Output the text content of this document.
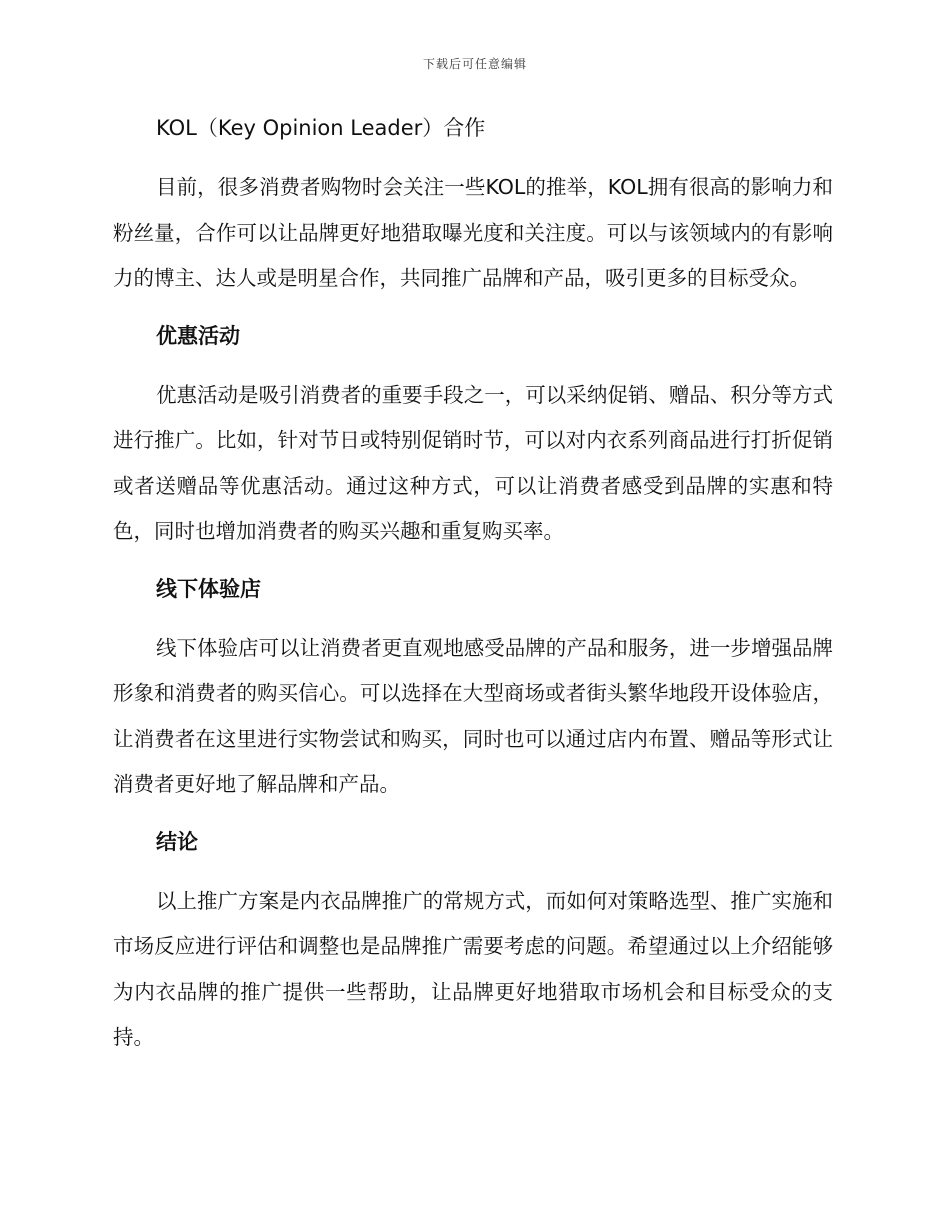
下载后可任意编辑
KOL（Key Opinion Leader）合作

目前，很多消费者购物时会关注一些KOL的推举，KOL拥有很高的影响力和粉丝量，合作可以让品牌更好地猎取曝光度和关注度。可以与该领域内的有影响力的博主、达人或是明星合作，共同推广品牌和产品，吸引更多的目标受众。

优惠活动

优惠活动是吸引消费者的重要手段之一，可以采纳促销、赠品、积分等方式进行推广。比如，针对节日或特别促销时节，可以对内衣系列商品进行打折促销或者送赠品等优惠活动。通过这种方式，可以让消费者感受到品牌的实惠和特色，同时也增加消费者的购买兴趣和重复购买率。

线下体验店

线下体验店可以让消费者更直观地感受品牌的产品和服务，进一步增强品牌形象和消费者的购买信心。可以选择在大型商场或者街头繁华地段开设体验店，让消费者在这里进行实物尝试和购买，同时也可以通过店内布置、赠品等形式让消费者更好地了解品牌和产品。

结论

以上推广方案是内衣品牌推广的常规方式，而如何对策略选型、推广实施和市场反应进行评估和调整也是品牌推广需要考虑的问题。希望通过以上介绍能够为内衣品牌的推广提供一些帮助，让品牌更好地猎取市场机会和目标受众的支持。
